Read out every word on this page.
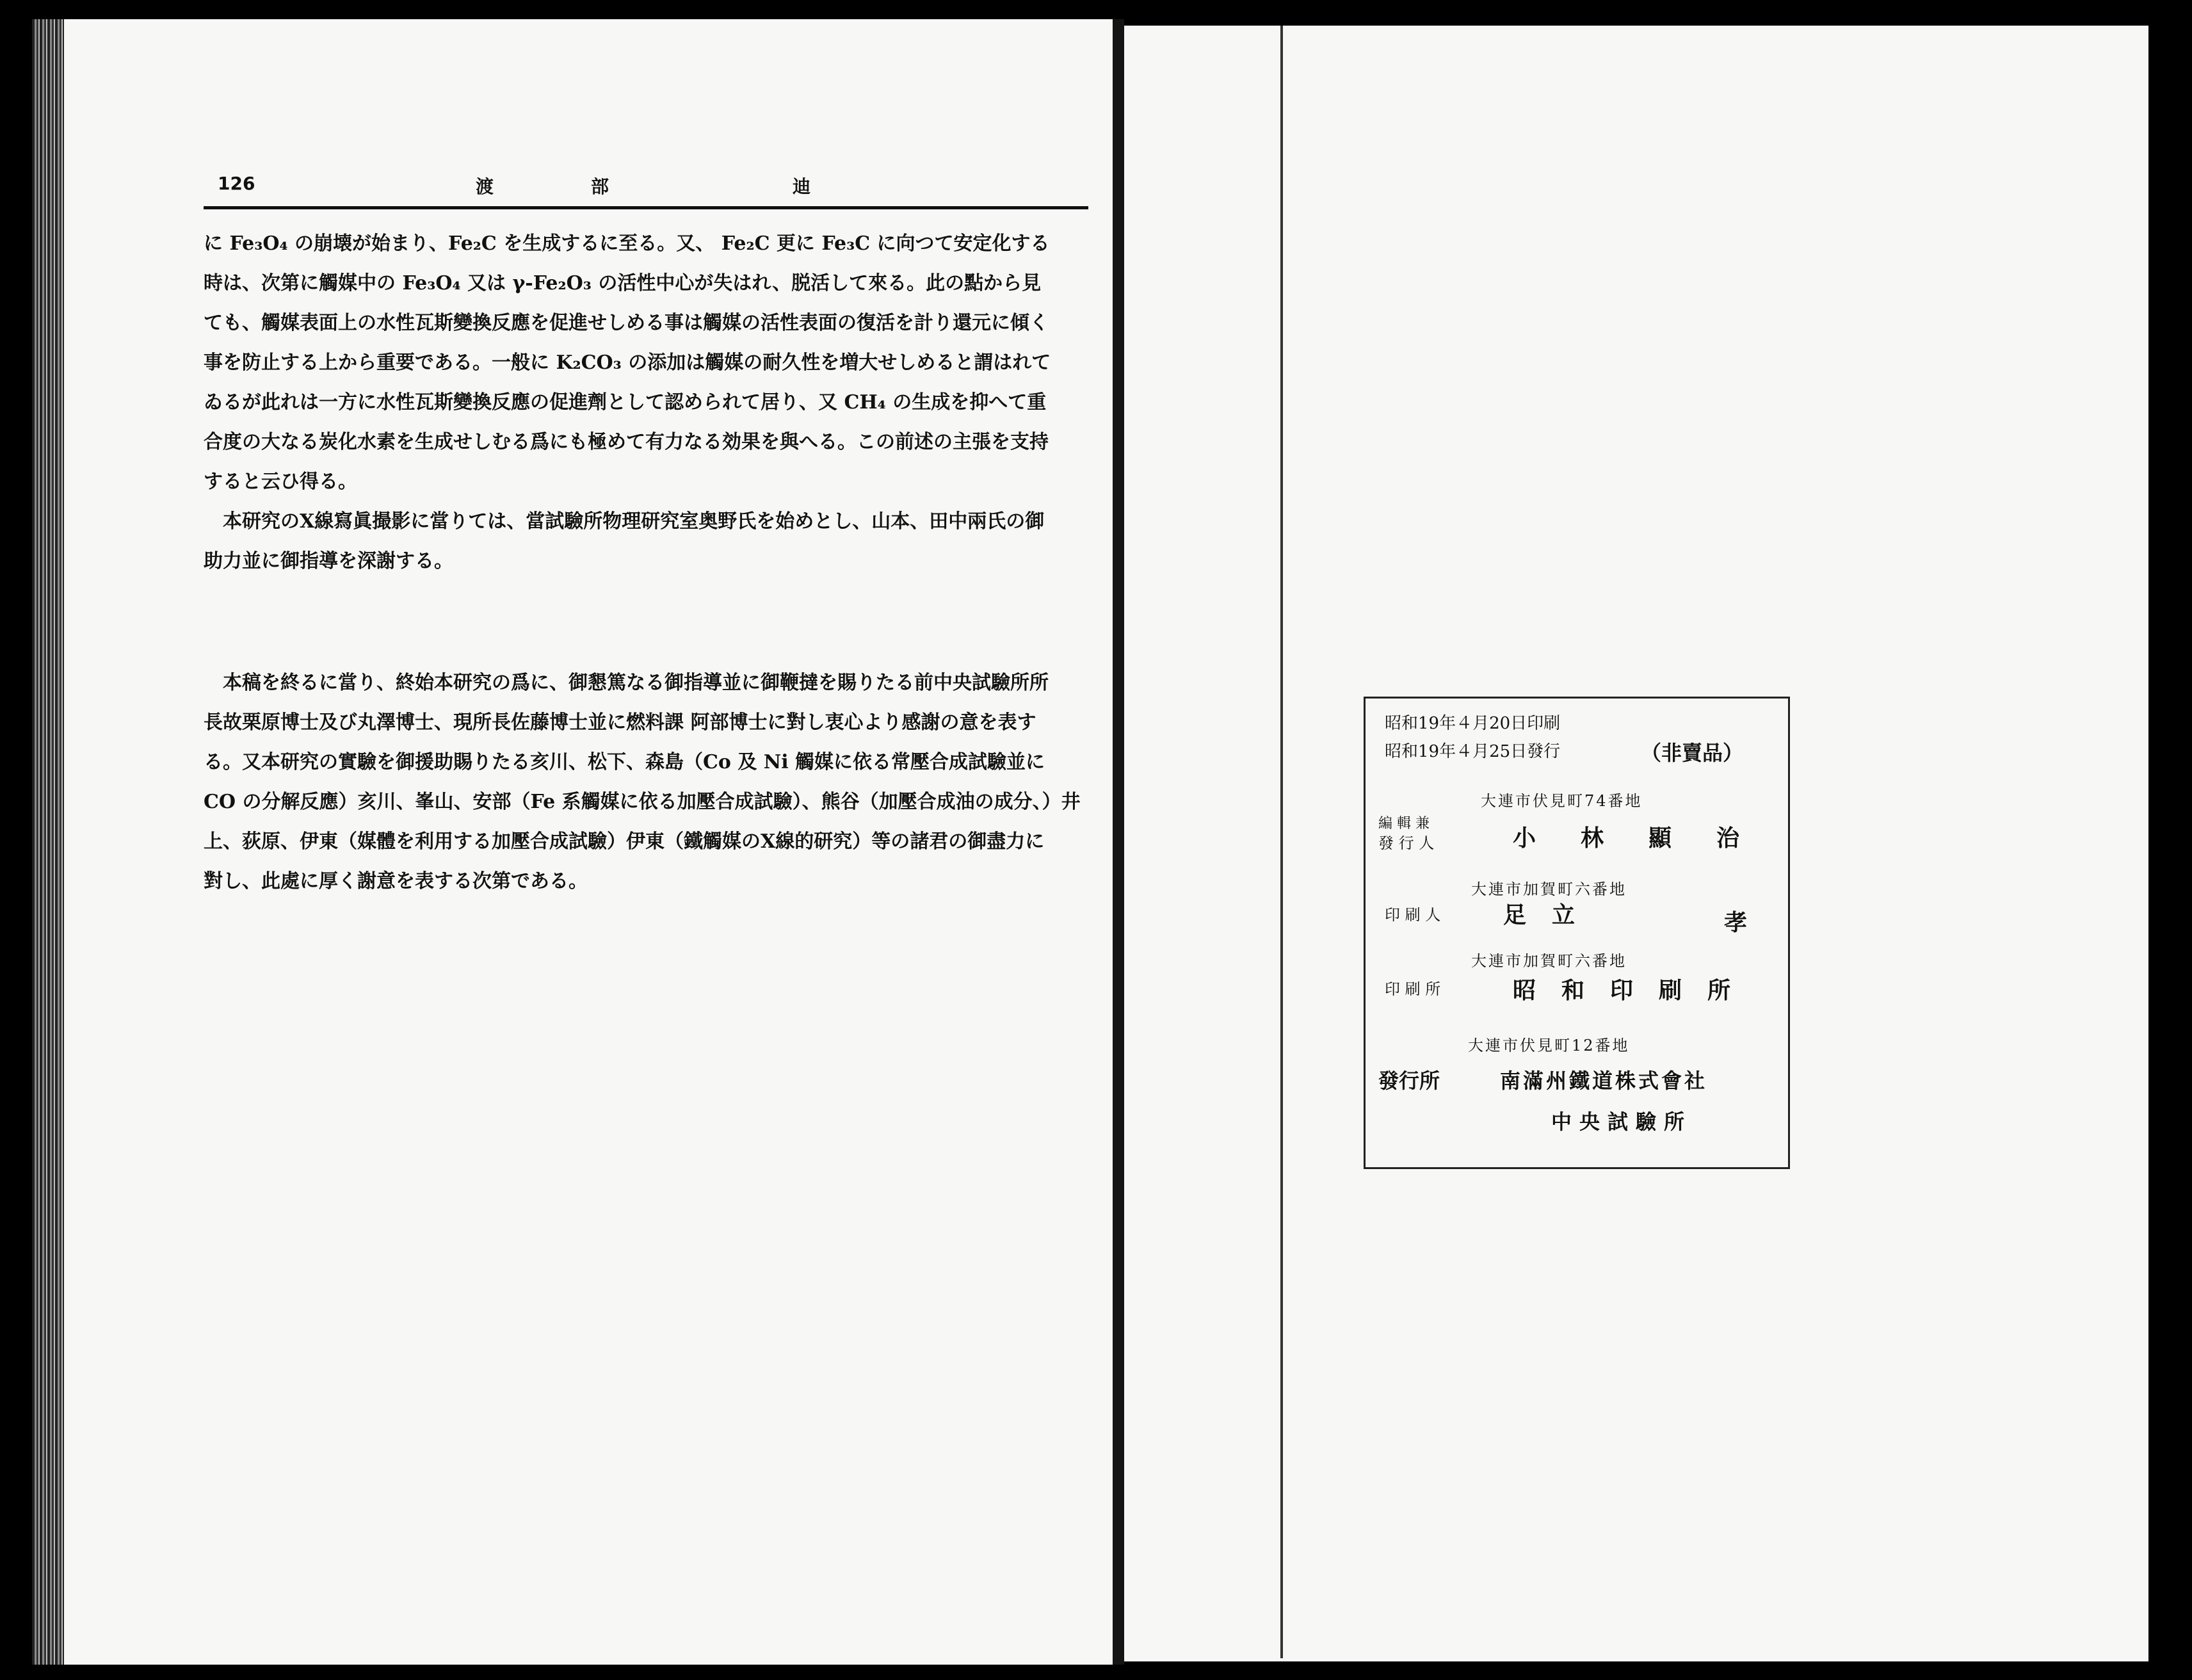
126	渡	部	迪

に Fe₃O₄ の崩壊が始まり、Fe₂C を生成するに至る。又、 Fe₂C 更に Fe₃C に向つて安定化する
時は、次第に觸媒中の Fe₃O₄ 又は γ-Fe₂O₃ の活性中心が失はれ、脱活して來る。此の點から見
ても、觸媒表面上の水性瓦斯變換反應を促進せしめる事は觸媒の活性表面の復活を計り還元に傾く
事を防止する上から重要である。一般に K₂CO₃ の添加は觸媒の耐久性を増大せしめると謂はれて
ゐるが此れは一方に水性瓦斯變換反應の促進劑として認められて居り、又 CH₄ の生成を抑へて重
合度の大なる炭化水素を生成せしむる爲にも極めて有力なる効果を與へる。この前述の主張を支持
すると云ひ得る。

　本研究のX線寫眞撮影に當りては、當試驗所物理研究室奥野氏を始めとし、山本、田中兩氏の御
助力並に御指導を深謝する。

　本稿を終るに當り、終始本研究の爲に、御懇篤なる御指導並に御鞭撻を賜りたる前中央試驗所所
長故栗原博士及び丸澤博士、現所長佐藤博士並に燃料課 阿部博士に對し衷心より感謝の意を表す
る。又本研究の實驗を御援助賜りたる亥川、松下、森島（Co 及 Ni 觸媒に依る常壓合成試驗並に
CO の分解反應）亥川、峯山、安部（Fe 系觸媒に依る加壓合成試驗）、熊谷（加壓合成油の成分、）井
上、荻原、伊東（媒體を利用する加壓合成試驗）伊東（鐵觸媒のX線的研究）等の諸君の御盡力に
對し、此處に厚く謝意を表する次第である。

昭和19年４月20日印刷
昭和19年４月25日發行	（非賣品）
大連市伏見町74番地
編 輯 兼
發 行 人	小林顯治
大連市加賀町六番地
印 刷 人	足立	孝
大連市加賀町六番地
印 刷 所	昭和印刷所
大連市伏見町12番地
發行所	南滿州鐵道株式會社
中央試驗所
